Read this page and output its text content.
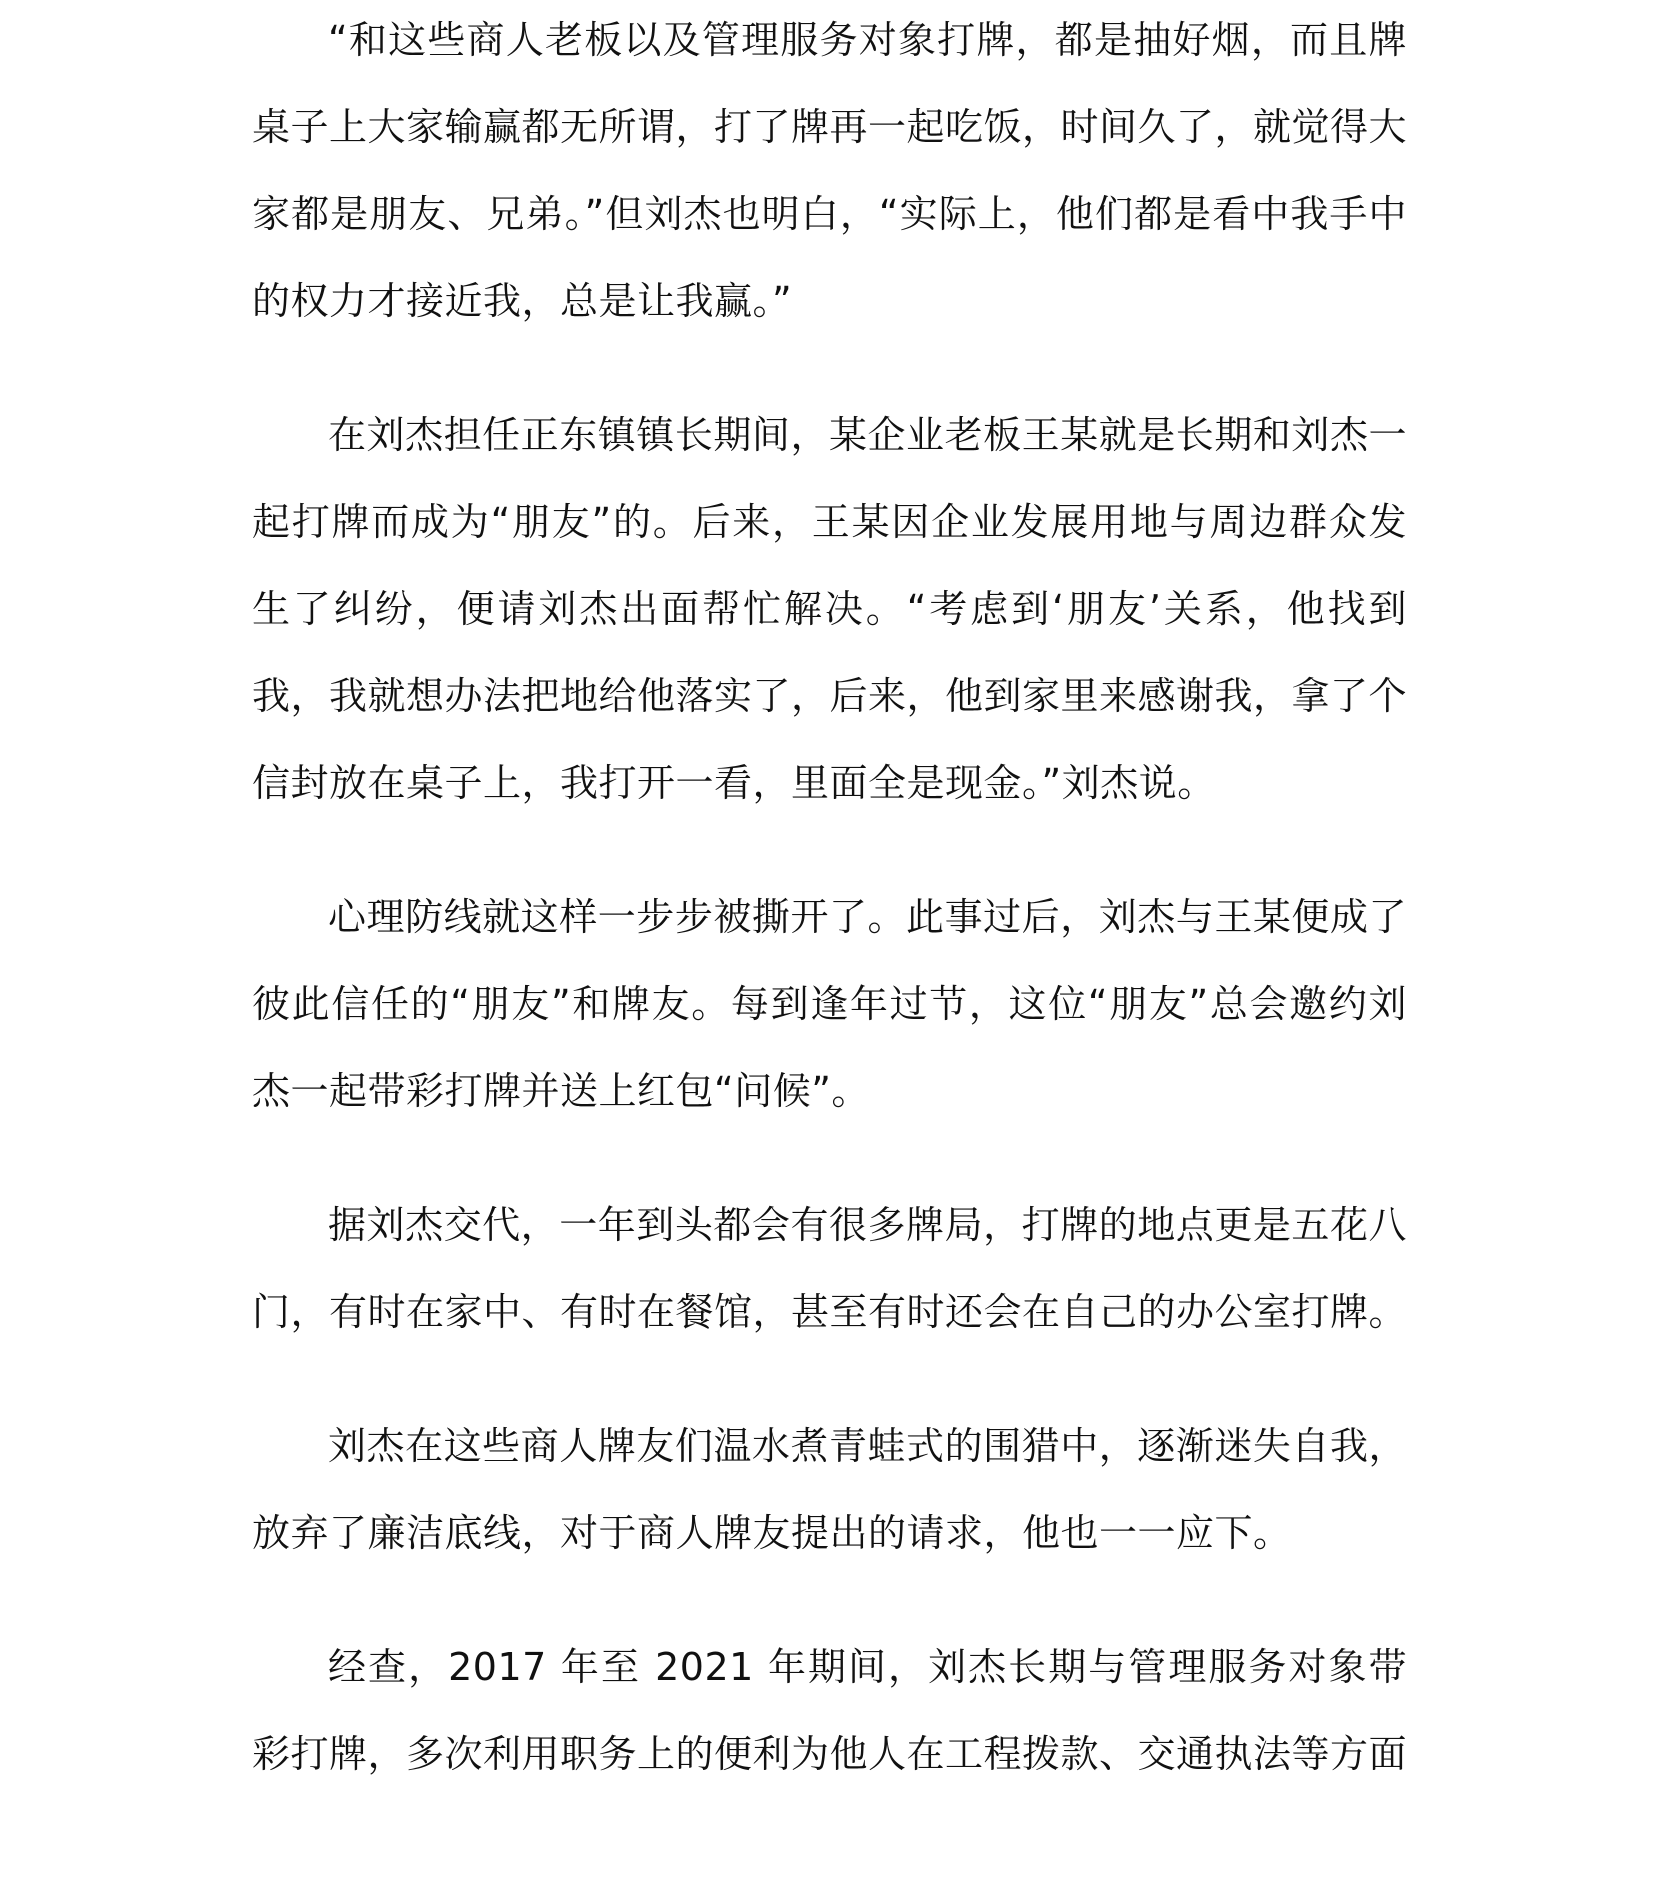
“和这些商人老板以及管理服务对象打牌，都是抽好烟，而且牌桌子上大家输赢都无所谓，打了牌再一起吃饭，时间久了，就觉得大家都是朋友、兄弟。”但刘杰也明白，“实际上，他们都是看中我手中的权力才接近我，总是让我赢。”

在刘杰担任正东镇镇长期间，某企业老板王某就是长期和刘杰一起打牌而成为“朋友”的。后来，王某因企业发展用地与周边群众发生了纠纷，便请刘杰出面帮忙解决。“考虑到‘朋友’关系，他找到我，我就想办法把地给他落实了，后来，他到家里来感谢我，拿了个信封放在桌子上，我打开一看，里面全是现金。”刘杰说。

心理防线就这样一步步被撕开了。此事过后，刘杰与王某便成了彼此信任的“朋友”和牌友。每到逢年过节，这位“朋友”总会邀约刘杰一起带彩打牌并送上红包“问候”。

据刘杰交代，一年到头都会有很多牌局，打牌的地点更是五花八门，有时在家中、有时在餐馆，甚至有时还会在自己的办公室打牌。

刘杰在这些商人牌友们温水煮青蛙式的围猎中，逐渐迷失自我，放弃了廉洁底线，对于商人牌友提出的请求，他也一一应下。

经查，2017 年至 2021 年期间，刘杰长期与管理服务对象带彩打牌，多次利用职务上的便利为他人在工程拨款、交通执法等方面
